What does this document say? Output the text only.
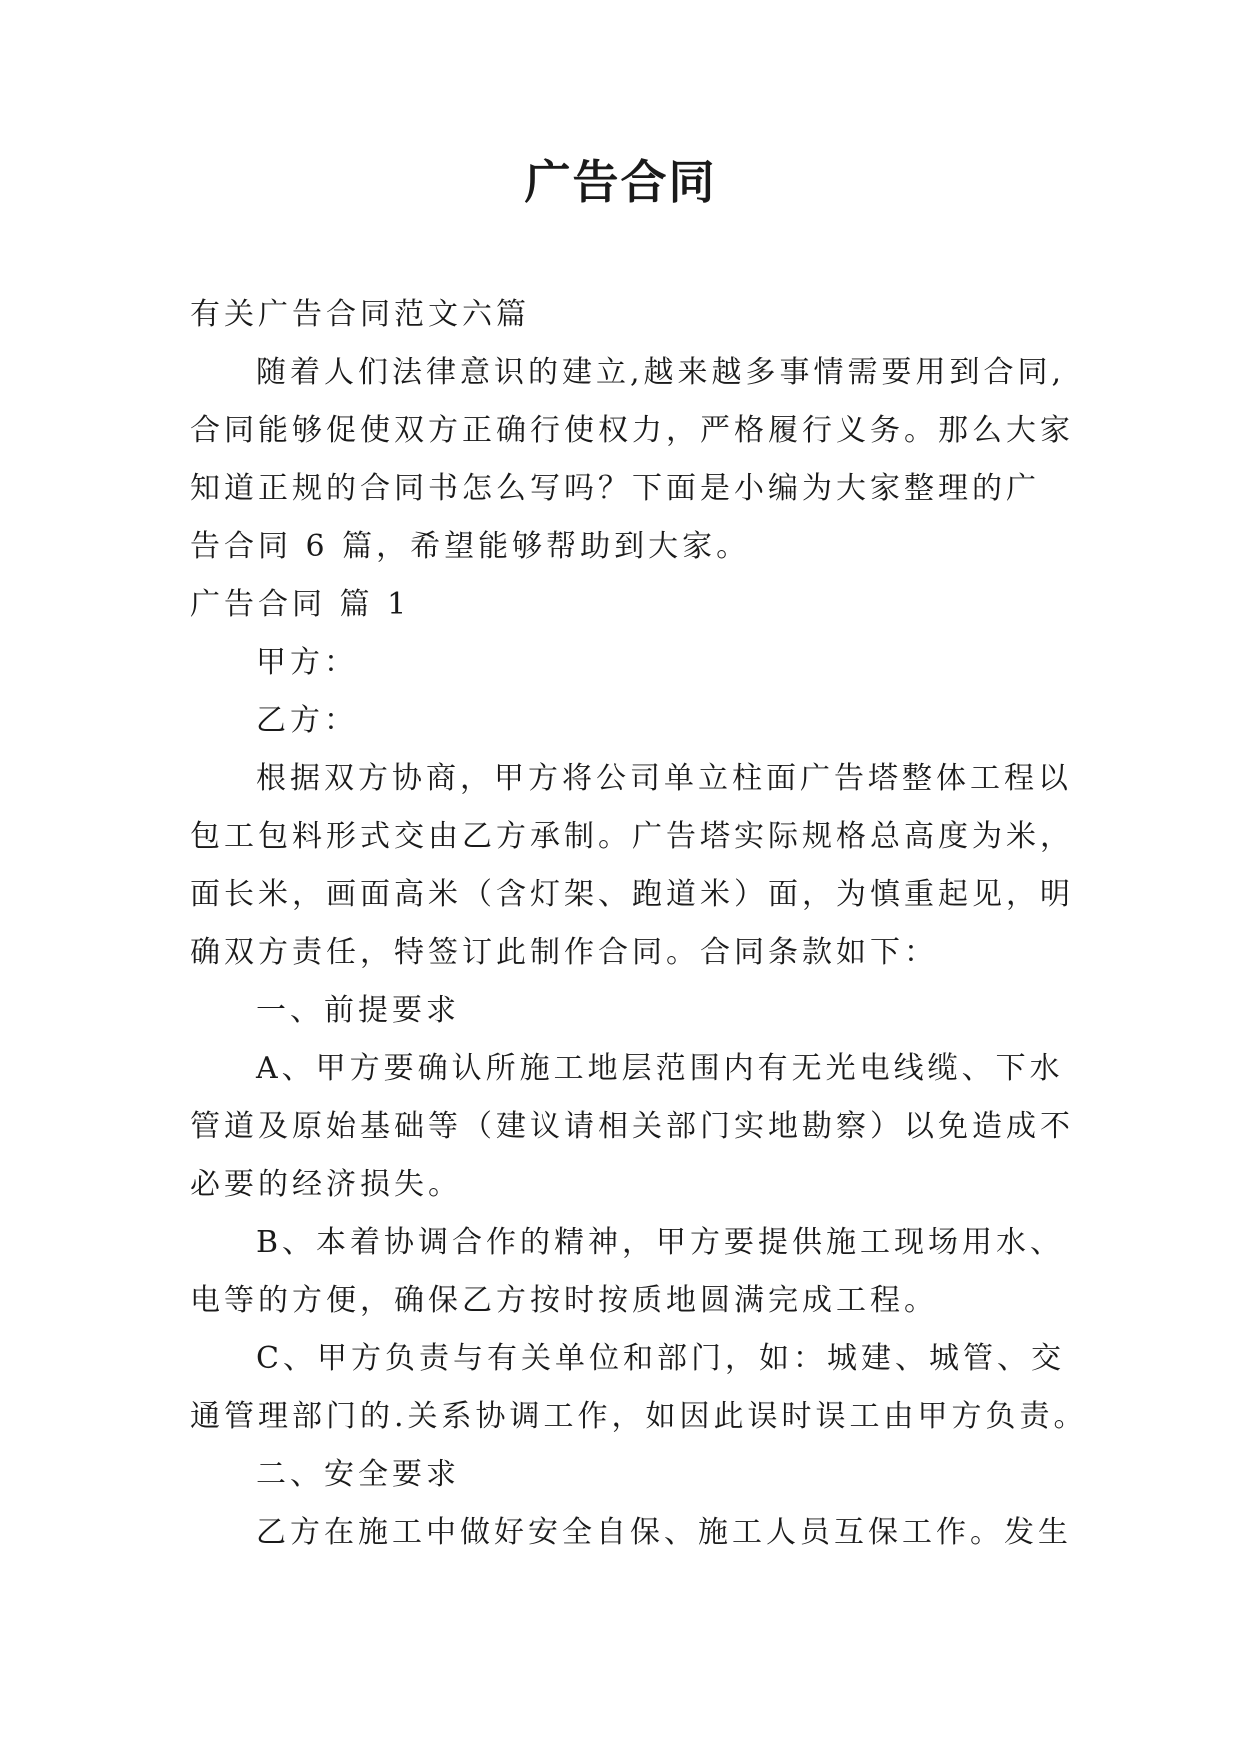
广告合同
有关广告合同范文六篇
随着人们法律意识的建立,越来越多事情需要用到合同,
合同能够促使双方正确行使权力，严格履行义务。那么大家
知道正规的合同书怎么写吗？下面是小编为大家整理的广
告合同 6 篇，希望能够帮助到大家。
广告合同 篇 1
甲方：
乙方：
根据双方协商，甲方将公司单立柱面广告塔整体工程以
包工包料形式交由乙方承制。广告塔实际规格总高度为米，
面长米，画面高米（含灯架、跑道米）面，为慎重起见，明
确双方责任，特签订此制作合同。合同条款如下：
一、前提要求
A、甲方要确认所施工地层范围内有无光电线缆、下水
管道及原始基础等（建议请相关部门实地勘察）以免造成不
必要的经济损失。
B、本着协调合作的精神，甲方要提供施工现场用水、
电等的方便，确保乙方按时按质地圆满完成工程。
C、甲方负责与有关单位和部门，如：城建、城管、交
通管理部门的.关系协调工作，如因此误时误工由甲方负责。
二、安全要求
乙方在施工中做好安全自保、施工人员互保工作。发生
